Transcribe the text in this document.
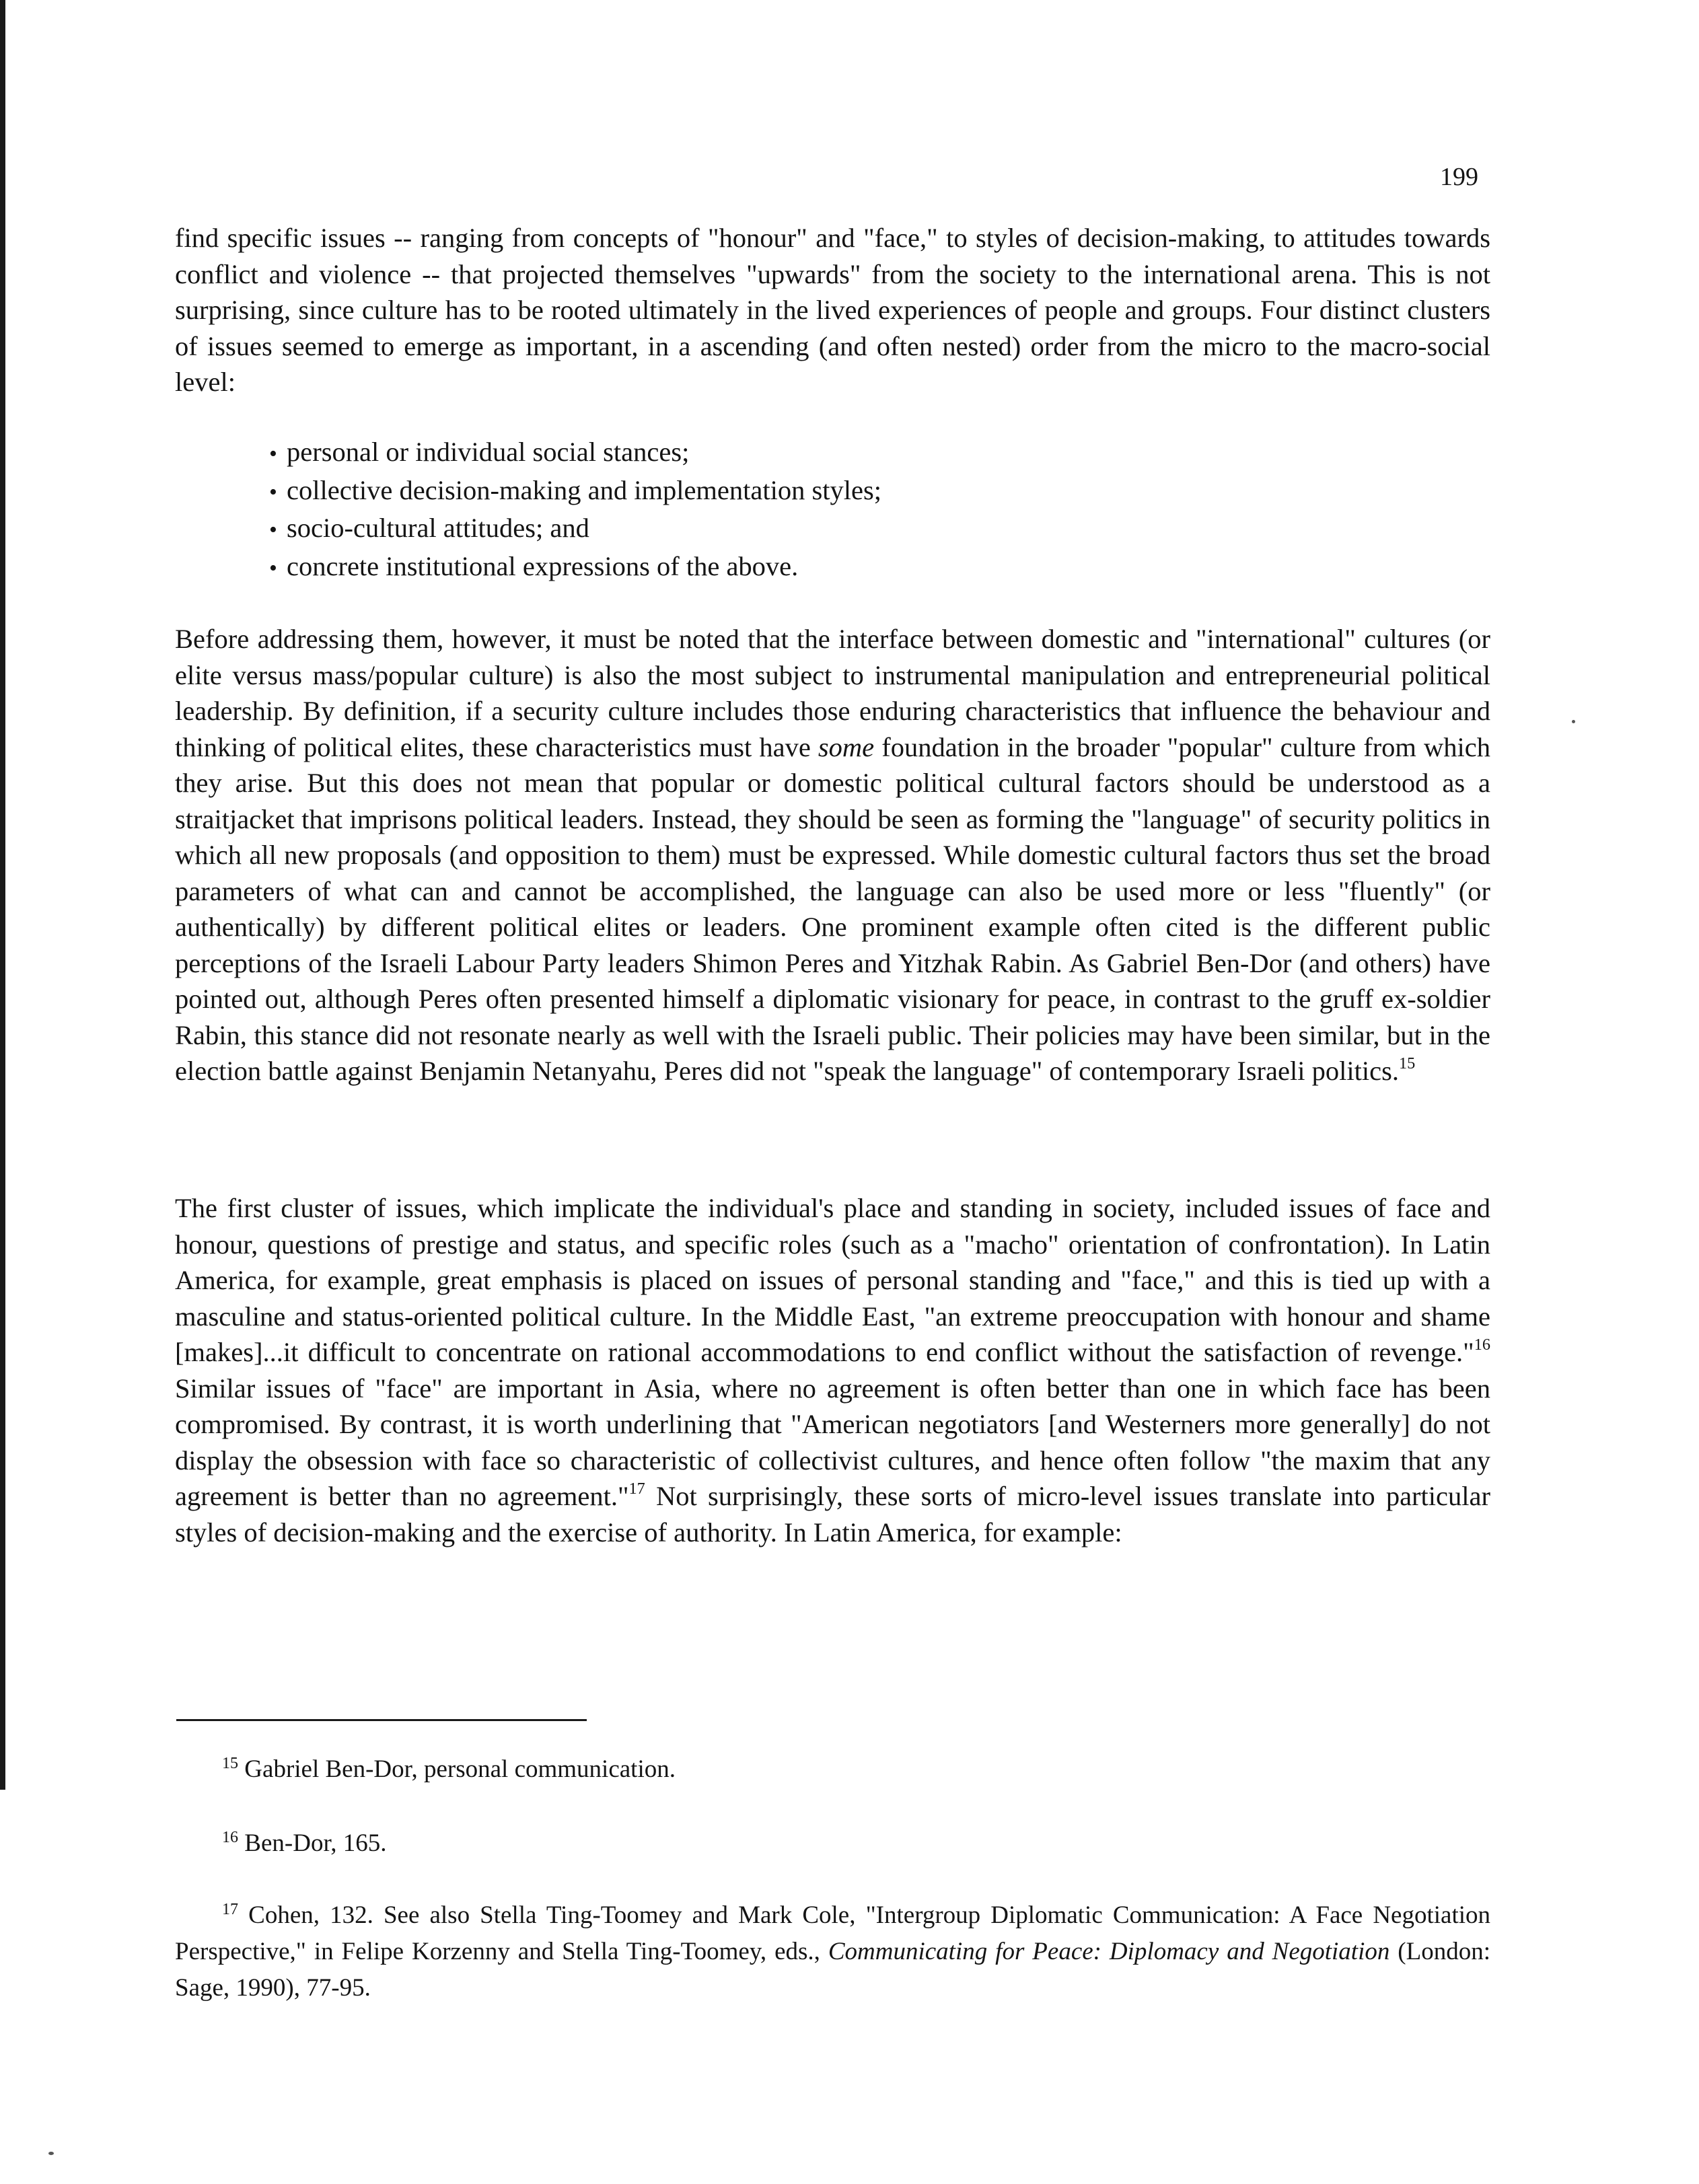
199

find specific issues -- ranging from concepts of "honour" and "face," to styles of decision-making, to attitudes towards conflict and violence -- that projected themselves "upwards" from the society to the international arena. This is not surprising, since culture has to be rooted ultimately in the lived experiences of people and groups. Four distinct clusters of issues seemed to emerge as important, in a ascending (and often nested) order from the micro to the macro-social level:

• personal or individual social stances;
• collective decision-making and implementation styles;
• socio-cultural attitudes; and
• concrete institutional expressions of the above.

Before addressing them, however, it must be noted that the interface between domestic and "international" cultures (or elite versus mass/popular culture) is also the most subject to instrumental manipulation and entrepreneurial political leadership. By definition, if a security culture includes those enduring characteristics that influence the behaviour and thinking of political elites, these characteristics must have some foundation in the broader "popular" culture from which they arise. But this does not mean that popular or domestic political cultural factors should be understood as a straitjacket that imprisons political leaders. Instead, they should be seen as forming the "language" of security politics in which all new proposals (and opposition to them) must be expressed. While domestic cultural factors thus set the broad parameters of what can and cannot be accomplished, the language can also be used more or less "fluently" (or authentically) by different political elites or leaders. One prominent example often cited is the different public perceptions of the Israeli Labour Party leaders Shimon Peres and Yitzhak Rabin. As Gabriel Ben-Dor (and others) have pointed out, although Peres often presented himself a diplomatic visionary for peace, in contrast to the gruff ex-soldier Rabin, this stance did not resonate nearly as well with the Israeli public. Their policies may have been similar, but in the election battle against Benjamin Netanyahu, Peres did not "speak the language" of contemporary Israeli politics.$^{15}$

The first cluster of issues, which implicate the individual's place and standing in society, included issues of face and honour, questions of prestige and status, and specific roles (such as a "macho" orientation of confrontation). In Latin America, for example, great emphasis is placed on issues of personal standing and "face," and this is tied up with a masculine and status-oriented political culture. In the Middle East, "an extreme preoccupation with honour and shame [makes]...it difficult to concentrate on rational accommodations to end conflict without the satisfaction of revenge."$^{16}$ Similar issues of "face" are important in Asia, where no agreement is often better than one in which face has been compromised. By contrast, it is worth underlining that "American negotiators [and Westerners more generally] do not display the obsession with face so characteristic of collectivist cultures, and hence often follow "the maxim that any agreement is better than no agreement."$^{17}$ Not surprisingly, these sorts of micro-level issues translate into particular styles of decision-making and the exercise of authority. In Latin America, for example:

$^{15}$ Gabriel Ben-Dor, personal communication.

$^{16}$ Ben-Dor, 165.

$^{17}$ Cohen, 132. See also Stella Ting-Toomey and Mark Cole, "Intergroup Diplomatic Communication: A Face Negotiation Perspective," in Felipe Korzenny and Stella Ting-Toomey, eds., Communicating for Peace: Diplomacy and Negotiation (London: Sage, 1990), 77-95.
